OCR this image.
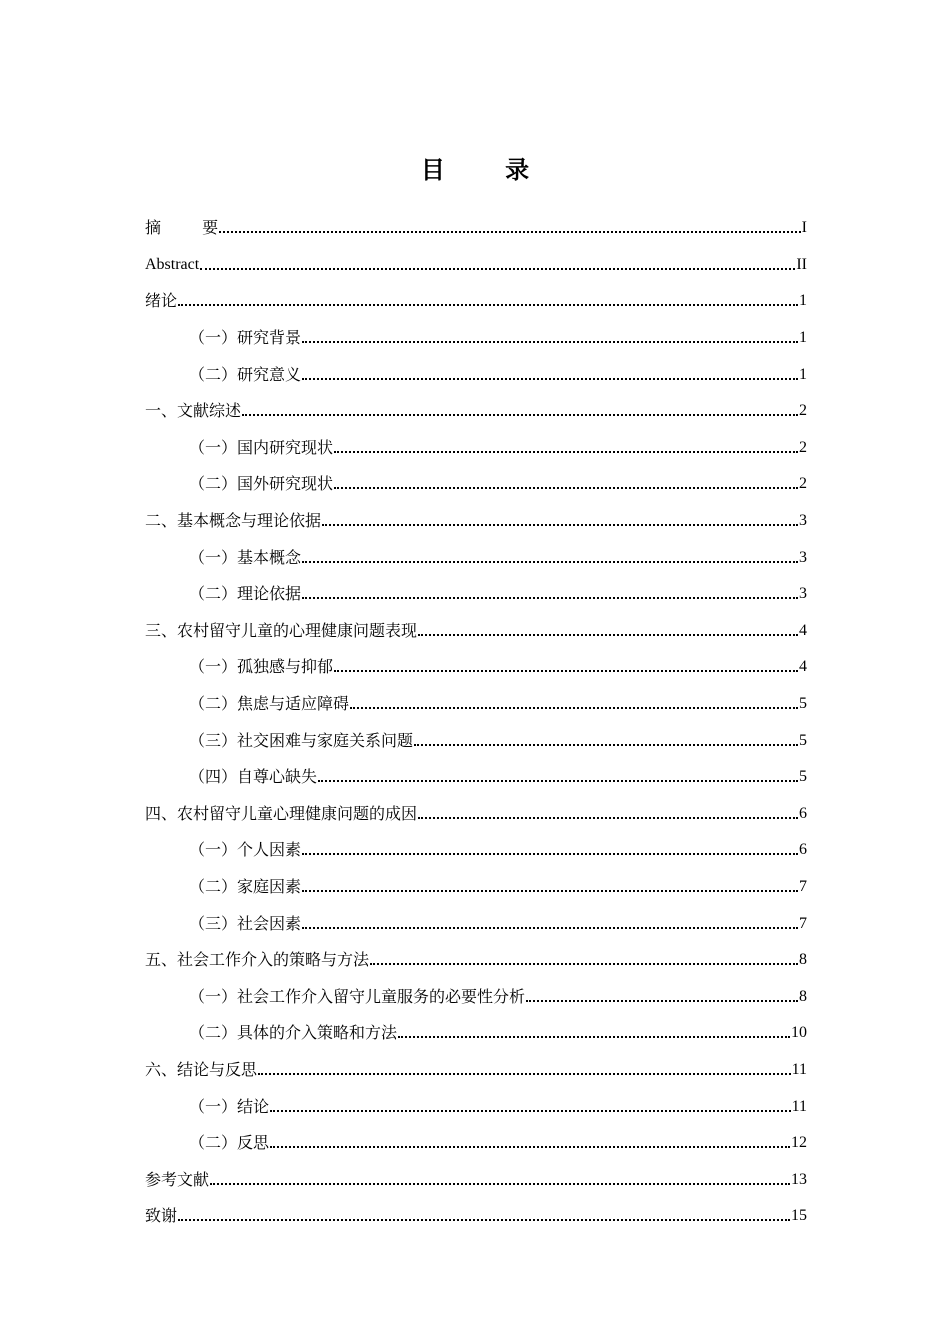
目 录
摘 要	I
Abstract	II
绪论	1
（一）研究背景	1
（二）研究意义	1
一、文献综述	2
（一）国内研究现状	2
（二）国外研究现状	2
二、基本概念与理论依据	3
（一）基本概念	3
（二）理论依据	3
三、农村留守儿童的心理健康问题表现	4
（一）孤独感与抑郁	4
（二）焦虑与适应障碍	5
（三）社交困难与家庭关系问题	5
（四）自尊心缺失	5
四、农村留守儿童心理健康问题的成因	6
（一）个人因素	6
（二）家庭因素	7
（三）社会因素	7
五、社会工作介入的策略与方法	8
（一）社会工作介入留守儿童服务的必要性分析	8
（二）具体的介入策略和方法	10
六、结论与反思	11
（一）结论	11
（二）反思	12
参考文献	13
致谢	15
